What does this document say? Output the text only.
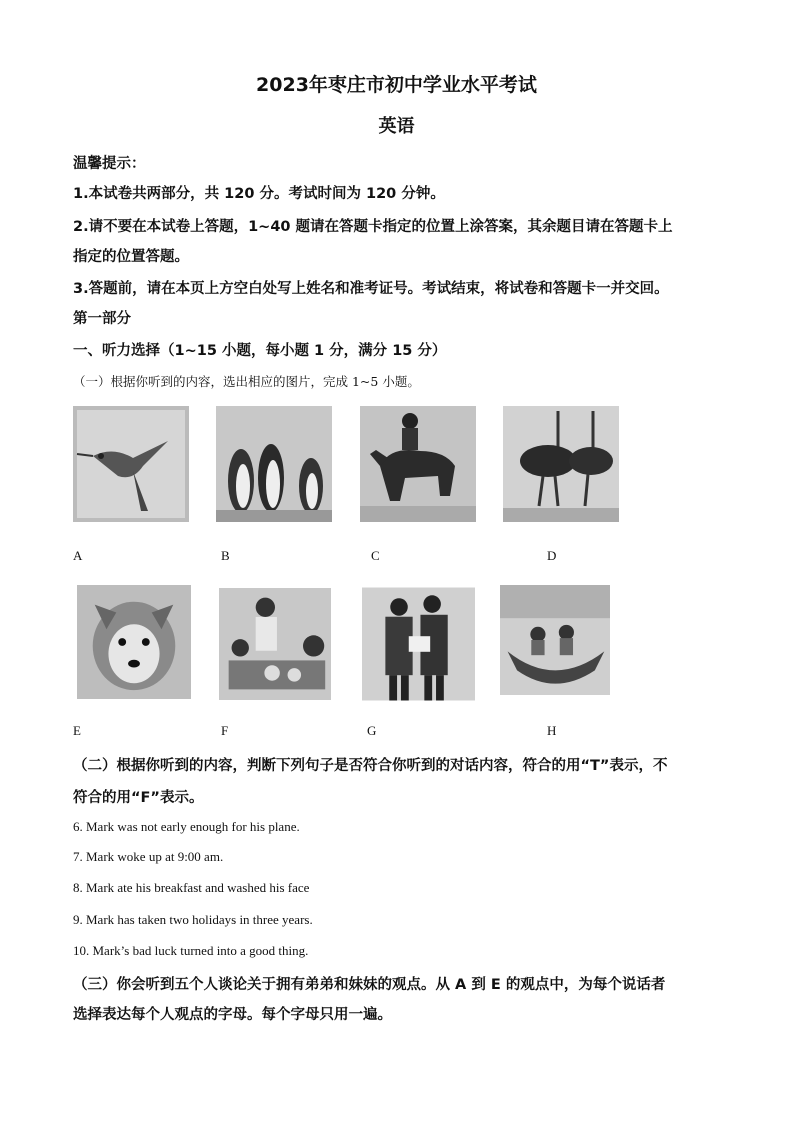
2023年枣庄市初中学业水平考试
英语
温馨提示：
1.本试卷共两部分，共 120 分。考试时间为 120 分钟。
2.请不要在本试卷上答题，1~40 题请在答题卡指定的位置上涂答案，其余题目请在答题卡上
指定的位置答题。
3.答题前，请在本页上方空白处写上姓名和准考证号。考试结束，将试卷和答题卡一并交回。
第一部分
一、听力选择（1~15 小题，每小题 1 分，满分 15 分）
（一）根据你听到的内容，选出相应的图片，完成 1~5 小题。
A	B	C	D
E	F	G	H
（二）根据你听到的内容，判断下列句子是否符合你听到的对话内容，符合的用“T”表示，不
符合的用“F”表示。
6. Mark was not early enough for his plane.
7. Mark woke up at 9:00 am.
8. Mark ate his breakfast and washed his face
9. Mark has taken two holidays in three years.
10. Mark’s bad luck turned into a good thing.
（三）你会听到五个人谈论关于拥有弟弟和妹妹的观点。从 A 到 E 的观点中，为每个说话者
选择表达每个人观点的字母。每个字母只用一遍。
